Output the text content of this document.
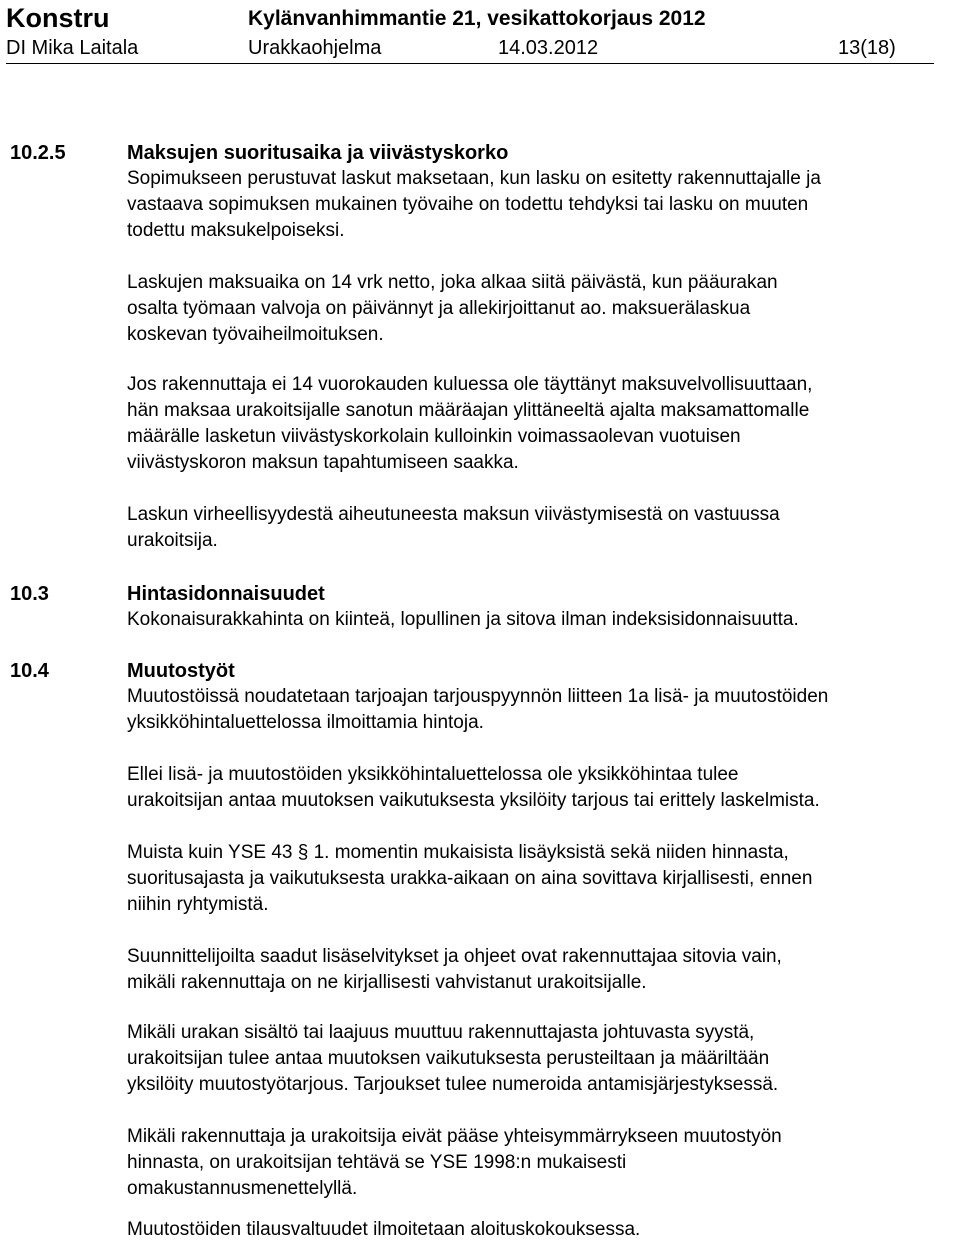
Konstru	Kylänvanhimmantie 21, vesikattokorjaus 2012
DI Mika Laitala	Urakkaohjelma	14.03.2012	13(18)
10.2.5	Maksujen suoritusaika ja viivästyskorko

Sopimukseen perustuvat laskut maksetaan, kun lasku on esitetty rakennuttajalle ja
vastaava sopimuksen mukainen työvaihe on todettu tehdyksi tai lasku on muuten
todettu maksukelpoiseksi.

Laskujen maksuaika on 14 vrk netto, joka alkaa siitä päivästä, kun pääurakan
osalta työmaan valvoja on päivännyt ja allekirjoittanut ao. maksuerälaskua
koskevan työvaiheilmoituksen.

Jos rakennuttaja ei 14 vuorokauden kuluessa ole täyttänyt maksuvelvollisuuttaan,
hän maksaa urakoitsijalle sanotun määräajan ylittäneeltä ajalta maksamattomalle
määrälle lasketun viivästyskorkolain kulloinkin voimassaolevan vuotuisen
viivästyskoron maksun tapahtumiseen saakka.

Laskun virheellisyydestä aiheutuneesta maksun viivästymisestä on vastuussa
urakoitsija.

10.3	Hintasidonnaisuudet

Kokonaisurakkahinta on kiinteä, lopullinen ja sitova ilman indeksisidonnaisuutta.

10.4	Muutostyöt

Muutostöissä noudatetaan tarjoajan tarjouspyynnön liitteen 1a lisä- ja muutostöiden
yksikköhintaluettelossa ilmoittamia hintoja.

Ellei lisä- ja muutostöiden yksikköhintaluettelossa ole yksikköhintaa tulee
urakoitsijan antaa muutoksen vaikutuksesta yksilöity tarjous tai erittely laskelmista.

Muista kuin YSE 43 § 1. momentin mukaisista lisäyksistä sekä niiden hinnasta,
suoritusajasta ja vaikutuksesta urakka-aikaan on aina sovittava kirjallisesti, ennen
niihin ryhtymistä.

Suunnittelijoilta saadut lisäselvitykset ja ohjeet ovat rakennuttajaa sitovia vain,
mikäli rakennuttaja on ne kirjallisesti vahvistanut urakoitsijalle.

Mikäli urakan sisältö tai laajuus muuttuu rakennuttajasta johtuvasta syystä,
urakoitsijan tulee antaa muutoksen vaikutuksesta perusteiltaan ja määriltään
yksilöity muutostyötarjous. Tarjoukset tulee numeroida antamisjärjestyksessä.

Mikäli rakennuttaja ja urakoitsija eivät pääse yhteisymmärrykseen muutostyön
hinnasta, on urakoitsijan tehtävä se YSE 1998:n mukaisesti
omakustannusmenettelyllä.

Muutostöiden tilausvaltuudet ilmoitetaan aloituskokouksessa.
